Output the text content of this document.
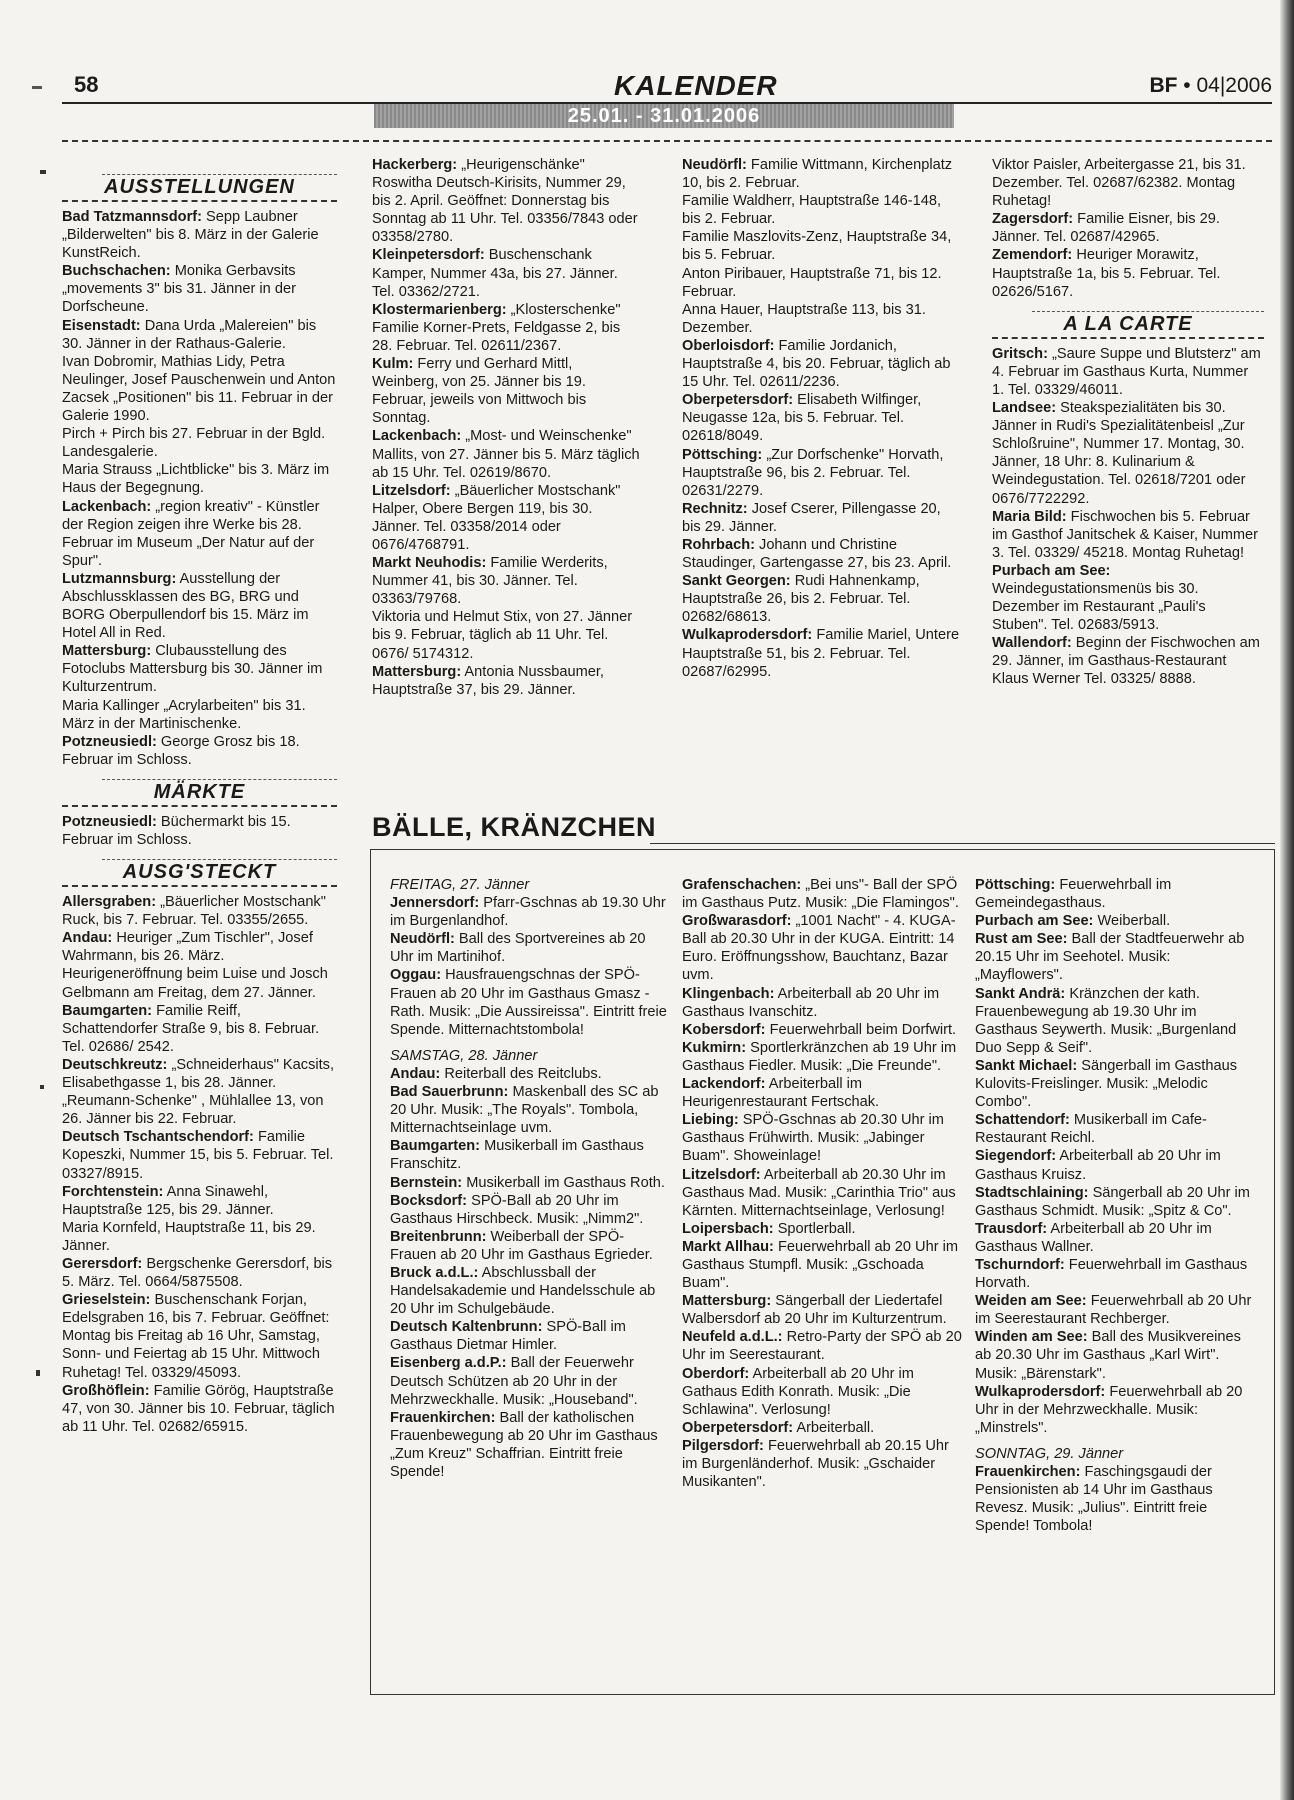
58	KALENDER	BF • 04|2006
25.01. - 31.01.2006
AUSSTELLUNGEN

Bad Tatzmannsdorf: Sepp Laubner „Bilderwelten" bis 8. März in der Galerie KunstReich.

Buchschachen: Monika Gerbavsits „movements 3" bis 31. Jänner in der Dorfscheune.

Eisenstadt: Dana Urda „Malereien" bis 30. Jänner in der Rathaus-Galerie.

Ivan Dobromir, Mathias Lidy, Petra Neulinger, Josef Pauschenwein und Anton Zacsek „Positionen" bis 11. Februar in der Galerie 1990.

Pirch + Pirch bis 27. Februar in der Bgld. Landesgalerie.

Maria Strauss „Lichtblicke" bis 3. März im Haus der Begegnung.

Lackenbach: „region kreativ" - Künstler der Region zeigen ihre Werke bis 28. Februar im Museum „Der Natur auf der Spur".

Lutzmannsburg: Ausstellung der Abschlussklassen des BG, BRG und BORG Oberpullendorf bis 15. März im Hotel All in Red.

Mattersburg: Clubausstellung des Fotoclubs Mattersburg bis 30. Jänner im Kulturzentrum.

Maria Kallinger „Acrylarbeiten" bis 31. März in der Martinischenke.

Potzneusiedl: George Grosz bis 18. Februar im Schloss.

MÄRKTE

Potzneusiedl: Büchermarkt bis 15. Februar im Schloss.

AUSG'STECKT

Allersgraben: „Bäuerlicher Mostschank" Ruck, bis 7. Februar. Tel. 03355/2655.

Andau: Heuriger „Zum Tischler", Josef Wahrmann, bis 26. März. Heurigeneröffnung beim Luise und Josch Gelbmann am Freitag, dem 27. Jänner.

Baumgarten: Familie Reiff, Schattendorfer Straße 9, bis 8. Februar. Tel. 02686/ 2542.

Deutschkreutz: „Schneiderhaus" Kacsits, Elisabethgasse 1, bis 28. Jänner. „Reumann-Schenke" , Mühlallee 13, von 26. Jänner bis 22. Februar.

Deutsch Tschantschendorf: Familie Kopeszki, Nummer 15, bis 5. Februar. Tel. 03327/8915.

Forchtenstein: Anna Sinawehl, Hauptstraße 125, bis 29. Jänner.

Maria Kornfeld, Hauptstraße 11, bis 29. Jänner.

Gerersdorf: Bergschenke Gerersdorf, bis 5. März. Tel. 0664/5875508.

Grieselstein: Buschenschank Forjan, Edelsgraben 16, bis 7. Februar. Geöffnet: Montag bis Freitag ab 16 Uhr, Samstag, Sonn- und Feiertag ab 15 Uhr. Mittwoch Ruhetag! Tel. 03329/45093.

Großhöflein: Familie Görög, Hauptstraße 47, von 30. Jänner bis 10. Februar, täglich ab 11 Uhr. Tel. 02682/65915.

Hackerberg: „Heurigenschänke" Roswitha Deutsch-Kirisits, Nummer 29, bis 2. April. Geöffnet: Donnerstag bis Sonntag ab 11 Uhr. Tel. 03356/7843 oder 03358/2780.

Kleinpetersdorf: Buschenschank Kamper, Nummer 43a, bis 27. Jänner. Tel. 03362/2721.

Klostermarienberg: „Klosterschenke" Familie Korner-Prets, Feldgasse 2, bis 28. Februar. Tel. 02611/2367.

Kulm: Ferry und Gerhard Mittl, Weinberg, von 25. Jänner bis 19. Februar, jeweils von Mittwoch bis Sonntag.

Lackenbach: „Most- und Weinschenke" Mallits, von 27. Jänner bis 5. März täglich ab 15 Uhr. Tel. 02619/8670.

Litzelsdorf: „Bäuerlicher Mostschank" Halper, Obere Bergen 119, bis 30. Jänner. Tel. 03358/2014 oder 0676/4768791.

Markt Neuhodis: Familie Werderits, Nummer 41, bis 30. Jänner. Tel. 03363/79768.

Viktoria und Helmut Stix, von 27. Jänner bis 9. Februar, täglich ab 11 Uhr. Tel. 0676/ 5174312.

Mattersburg: Antonia Nussbaumer, Hauptstraße 37, bis 29. Jänner.

Neudörfl: Familie Wittmann, Kirchenplatz 10, bis 2. Februar.

Familie Waldherr, Hauptstraße 146-148, bis 2. Februar.

Familie Maszlovits-Zenz, Hauptstraße 34, bis 5. Februar.

Anton Piribauer, Hauptstraße 71, bis 12. Februar.

Anna Hauer, Hauptstraße 113, bis 31. Dezember.

Oberloisdorf: Familie Jordanich, Hauptstraße 4, bis 20. Februar, täglich ab 15 Uhr. Tel. 02611/2236.

Oberpetersdorf: Elisabeth Wilfinger, Neugasse 12a, bis 5. Februar. Tel. 02618/8049.

Pöttsching: „Zur Dorfschenke" Horvath, Hauptstraße 96, bis 2. Februar. Tel. 02631/2279.

Rechnitz: Josef Cserer, Pillengasse 20, bis 29. Jänner.

Rohrbach: Johann und Christine Staudinger, Gartengasse 27, bis 23. April.

Sankt Georgen: Rudi Hahnenkamp, Hauptstraße 26, bis 2. Februar. Tel. 02682/68613.

Wulkaprodersdorf: Familie Mariel, Untere Hauptstraße 51, bis 2. Februar. Tel. 02687/62995.

Viktor Paisler, Arbeitergasse 21, bis 31. Dezember. Tel. 02687/62382. Montag Ruhetag!

Zagersdorf: Familie Eisner, bis 29. Jänner. Tel. 02687/42965.

Zemendorf: Heuriger Morawitz, Hauptstraße 1a, bis 5. Februar. Tel. 02626/5167.

A LA CARTE

Gritsch: „Saure Suppe und Blutsterz" am 4. Februar im Gasthaus Kurta, Nummer 1. Tel. 03329/46011.

Landsee: Steakspezialitäten bis 30. Jänner in Rudi's Spezialitätenbeisl „Zur Schloßruine", Nummer 17. Montag, 30. Jänner, 18 Uhr: 8. Kulinarium & Weindegustation. Tel. 02618/7201 oder 0676/7722292.

Maria Bild: Fischwochen bis 5. Februar im Gasthof Janitschek & Kaiser, Nummer 3. Tel. 03329/ 45218. Montag Ruhetag!

Purbach am See: Weindegustationsmenüs bis 30. Dezember im Restaurant „Pauli's Stuben". Tel. 02683/5913.

Wallendorf: Beginn der Fischwochen am 29. Jänner, im Gasthaus-Restaurant Klaus Werner Tel. 03325/ 8888.

BÄLLE, KRÄNZCHEN

FREITAG, 27. Jänner

Jennersdorf: Pfarr-Gschnas ab 19.30 Uhr im Burgenlandhof.

Neudörfl: Ball des Sportvereines ab 20 Uhr im Martinihof.

Oggau: Hausfrauengschnas der SPÖ-Frauen ab 20 Uhr im Gasthaus Gmasz -Rath. Musik: „Die Aussireissa". Eintritt freie Spende. Mitternachtstombola!

SAMSTAG, 28. Jänner

Andau: Reiterball des Reitclubs.

Bad Sauerbrunn: Maskenball des SC ab 20 Uhr. Musik: „The Royals". Tombola, Mitternachtseinlage uvm.

Baumgarten: Musikerball im Gasthaus Franschitz.

Bernstein: Musikerball im Gasthaus Roth.

Bocksdorf: SPÖ-Ball ab 20 Uhr im Gasthaus Hirschbeck. Musik: „Nimm2".

Breitenbrunn: Weiberball der SPÖ-Frauen ab 20 Uhr im Gasthaus Egrieder.

Bruck a.d.L.: Abschlussball der Handelsakademie und Handelsschule ab 20 Uhr im Schulgebäude.

Deutsch Kaltenbrunn: SPÖ-Ball im Gasthaus Dietmar Himler.

Eisenberg a.d.P.: Ball der Feuerwehr Deutsch Schützen ab 20 Uhr in der Mehrzweckhalle. Musik: „Houseband".

Frauenkirchen: Ball der katholischen Frauenbewegung ab 20 Uhr im Gasthaus „Zum Kreuz" Schaffrian. Eintritt freie Spende!

Grafenschachen: „Bei uns"- Ball der SPÖ im Gasthaus Putz. Musik: „Die Flamingos".

Großwarasdorf: „1001 Nacht" - 4. KUGA-Ball ab 20.30 Uhr in der KUGA. Eintritt: 14 Euro. Eröffnungsshow, Bauchtanz, Bazar uvm.

Klingenbach: Arbeiterball ab 20 Uhr im Gasthaus Ivanschitz.

Kobersdorf: Feuerwehrball beim Dorfwirt.

Kukmirn: Sportlerkränzchen ab 19 Uhr im Gasthaus Fiedler. Musik: „Die Freunde".

Lackendorf: Arbeiterball im Heurigenrestaurant Fertschak.

Liebing: SPÖ-Gschnas ab 20.30 Uhr im Gasthaus Frühwirth. Musik: „Jabinger Buam". Showeinlage!

Litzelsdorf: Arbeiterball ab 20.30 Uhr im Gasthaus Mad. Musik: „Carinthia Trio" aus Kärnten. Mitternachtseinlage, Verlosung!

Loipersbach: Sportlerball.

Markt Allhau: Feuerwehrball ab 20 Uhr im Gasthaus Stumpfl. Musik: „Gschoada Buam".

Mattersburg: Sängerball der Liedertafel Walbersdorf ab 20 Uhr im Kulturzentrum.

Neufeld a.d.L.: Retro-Party der SPÖ ab 20 Uhr im Seerestaurant.

Oberdorf: Arbeiterball ab 20 Uhr im Gathaus Edith Konrath. Musik: „Die Schlawina". Verlosung!

Oberpetersdorf: Arbeiterball.

Pilgersdorf: Feuerwehrball ab 20.15 Uhr im Burgenländerhof. Musik: „Gschaider Musikanten".

Pöttsching: Feuerwehrball im Gemeindegasthaus.

Purbach am See: Weiberball.

Rust am See: Ball der Stadtfeuerwehr ab 20.15 Uhr im Seehotel. Musik: „Mayflowers".

Sankt Andrä: Kränzchen der kath. Frauenbewegung ab 19.30 Uhr im Gasthaus Seywerth. Musik: „Burgenland Duo Sepp & Seif".

Sankt Michael: Sängerball im Gasthaus Kulovits-Freislinger. Musik: „Melodic Combo".

Schattendorf: Musikerball im Cafe-Restaurant Reichl.

Siegendorf: Arbeiterball ab 20 Uhr im Gasthaus Kruisz.

Stadtschlaining: Sängerball ab 20 Uhr im Gasthaus Schmidt. Musik: „Spitz & Co".

Trausdorf: Arbeiterball ab 20 Uhr im Gasthaus Wallner.

Tschurndorf: Feuerwehrball im Gasthaus Horvath.

Weiden am See: Feuerwehrball ab 20 Uhr im Seerestaurant Rechberger.

Winden am See: Ball des Musikvereines ab 20.30 Uhr im Gasthaus „Karl Wirt". Musik: „Bärenstark".

Wulkaprodersdorf: Feuerwehrball ab 20 Uhr in der Mehrzweckhalle. Musik: „Minstrels".

SONNTAG, 29. Jänner

Frauenkirchen: Faschingsgaudi der Pensionisten ab 14 Uhr im Gasthaus Revesz. Musik: „Julius". Eintritt freie Spende! Tombola!
